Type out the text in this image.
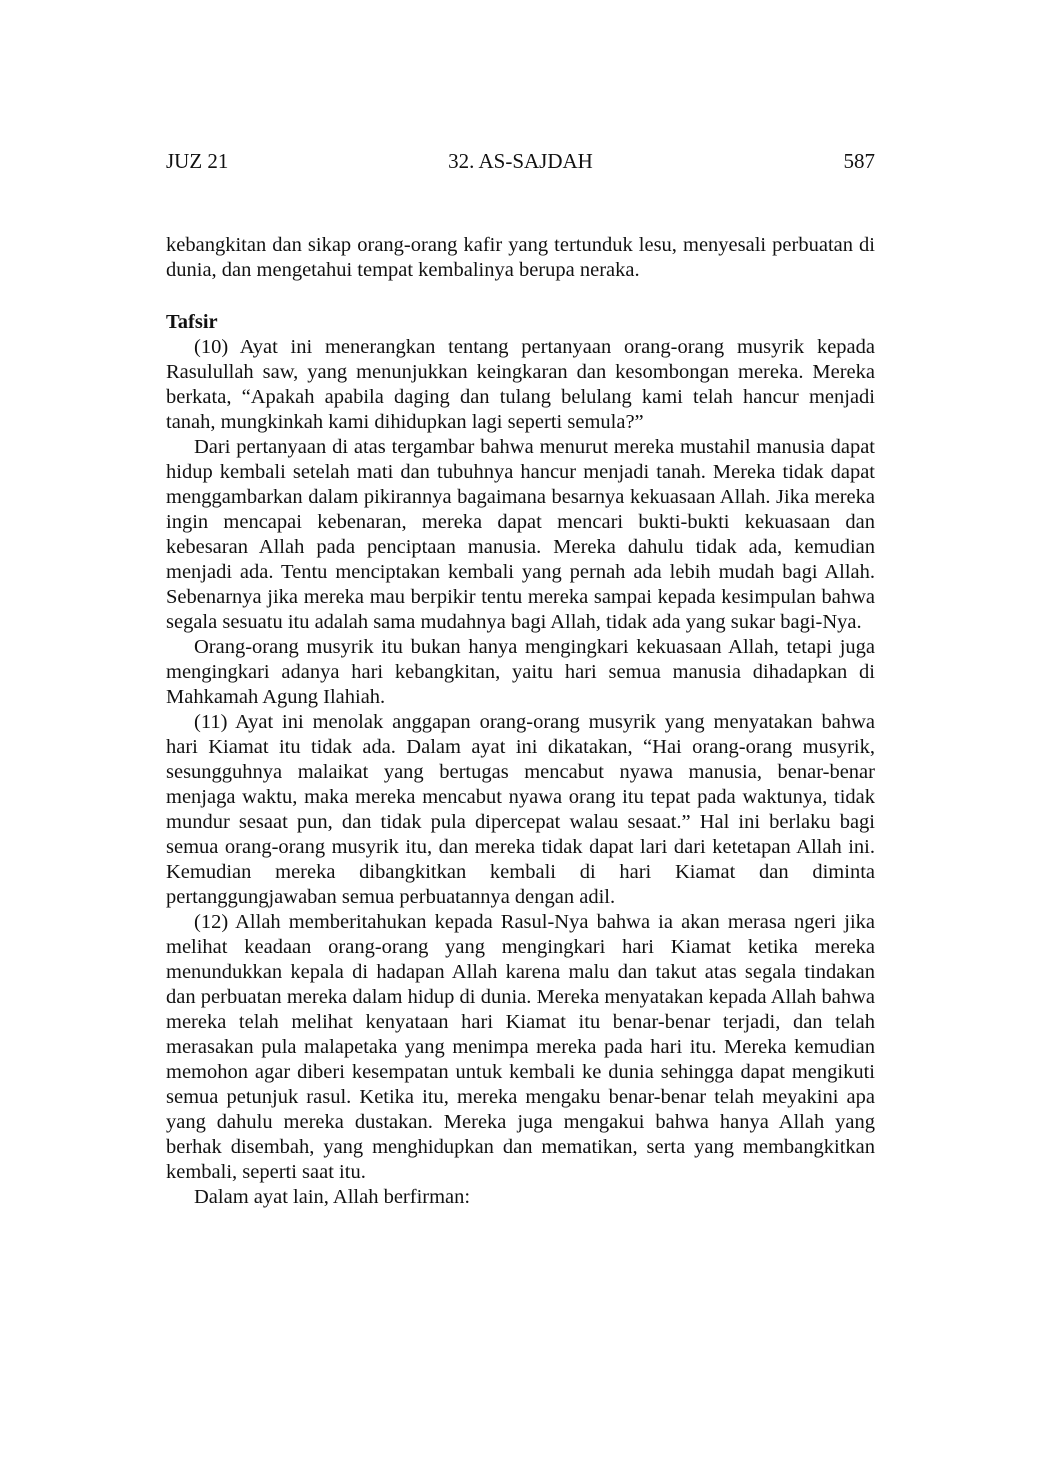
JUZ 21	32. AS-SAJDAH	587

kebangkitan dan sikap orang-orang kafir yang tertunduk lesu, menyesali perbuatan di dunia, dan mengetahui tempat kembalinya berupa neraka.

Tafsir

(10) Ayat ini menerangkan tentang pertanyaan orang-orang musyrik kepada Rasulullah saw, yang menunjukkan keingkaran dan kesombongan mereka. Mereka berkata, “Apakah apabila daging dan tulang belulang kami telah hancur menjadi tanah, mungkinkah kami dihidupkan lagi seperti semula?”

Dari pertanyaan di atas tergambar bahwa menurut mereka mustahil manusia dapat hidup kembali setelah mati dan tubuhnya hancur menjadi tanah. Mereka tidak dapat menggambarkan dalam pikirannya bagaimana besarnya kekuasaan Allah. Jika mereka ingin mencapai kebenaran, mereka dapat mencari bukti-bukti kekuasaan dan kebesaran Allah pada penciptaan manusia. Mereka dahulu tidak ada, kemudian menjadi ada. Tentu menciptakan kembali yang pernah ada lebih mudah bagi Allah. Sebenarnya jika mereka mau berpikir tentu mereka sampai kepada kesimpulan bahwa segala sesuatu itu adalah sama mudahnya bagi Allah, tidak ada yang sukar bagi-Nya.

Orang-orang musyrik itu bukan hanya mengingkari kekuasaan Allah, tetapi juga mengingkari adanya hari kebangkitan, yaitu hari semua manusia dihadapkan di Mahkamah Agung Ilahiah.

(11) Ayat ini menolak anggapan orang-orang musyrik yang menyatakan bahwa hari Kiamat itu tidak ada. Dalam ayat ini dikatakan, “Hai orang-orang musyrik, sesungguhnya malaikat yang bertugas mencabut nyawa manusia, benar-benar menjaga waktu, maka mereka mencabut nyawa orang itu tepat pada waktunya, tidak mundur sesaat pun, dan tidak pula dipercepat walau sesaat.” Hal ini berlaku bagi semua orang-orang musyrik itu, dan mereka tidak dapat lari dari ketetapan Allah ini. Kemudian mereka dibangkitkan kembali di hari Kiamat dan diminta pertanggungjawaban semua perbuatannya dengan adil.

(12) Allah memberitahukan kepada Rasul-Nya bahwa ia akan merasa ngeri jika melihat keadaan orang-orang yang mengingkari hari Kiamat ketika mereka menundukkan kepala di hadapan Allah karena malu dan takut atas segala tindakan dan perbuatan mereka dalam hidup di dunia. Mereka menyatakan kepada Allah bahwa mereka telah melihat kenyataan hari Kiamat itu benar-benar terjadi, dan telah merasakan pula malapetaka yang menimpa mereka pada hari itu. Mereka kemudian memohon agar diberi kesempatan untuk kembali ke dunia sehingga dapat mengikuti semua petunjuk rasul. Ketika itu, mereka mengaku benar-benar telah meyakini apa yang dahulu mereka dustakan. Mereka juga mengakui bahwa hanya Allah yang berhak disembah, yang menghidupkan dan mematikan, serta yang membangkitkan kembali, seperti saat itu.

Dalam ayat lain, Allah berfirman:
